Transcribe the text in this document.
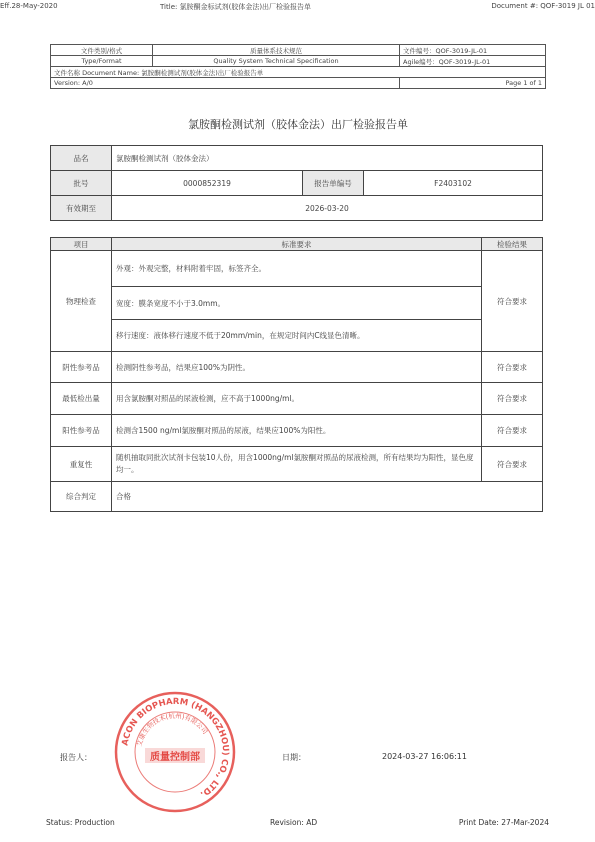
Eff.28-May-2020	Title: 氯胺酮金标试剂(胶体金法)出厂检验报告单	Document #: QOF-3019 JL 01
文件类别/格式	质量体系技术规范	文件编号：QOF-3019-JL-01
Type/Format	Quality System Technical Specification	Agile编号：QOF-3019-JL-01
文件名称 Document Name: 氯胺酮检测试剂(胶体金法)出厂检验报告单		
Version: A/0		Page 1 of 1
氯胺酮检测试剂（胶体金法）出厂检验报告单
品名	氯胺酮检测试剂（胶体金法）		
批号	0000852319	报告单编号	F2403102
有效期至	2026-03-20		
项目	标准要求	检验结果
物理检查	外观：外观完整，材料附着牢固，标签齐全。	符合要求
	宽度：膜条宽度不小于3.0mm。	
	移行速度：液体移行速度不低于20mm/min，在规定时间内C线显色清晰。	
阴性参考品	检测阴性参考品，结果应100%为阴性。	符合要求
最低检出量	用含氯胺酮对照品的尿液检测，应不高于1000ng/ml。	符合要求
阳性参考品	检测含1500 ng/ml氯胺酮对照品的尿液，结果应100%为阳性。	符合要求
重复性	随机抽取同批次试剂卡包装10人份，用含1000ng/ml氯胺酮对照品的尿液检测，所有结果均为阳性，显色度均一。	符合要求
综合判定	合格	
ACON BIOPHARM (HANGZHOU) CO., LTD.
艾康生物技术(杭州)有限公司
质量控制部
报告人：	日期：	2024-03-27 16:06:11
Status: Production	Revision: AD	Print Date: 27-Mar-2024
